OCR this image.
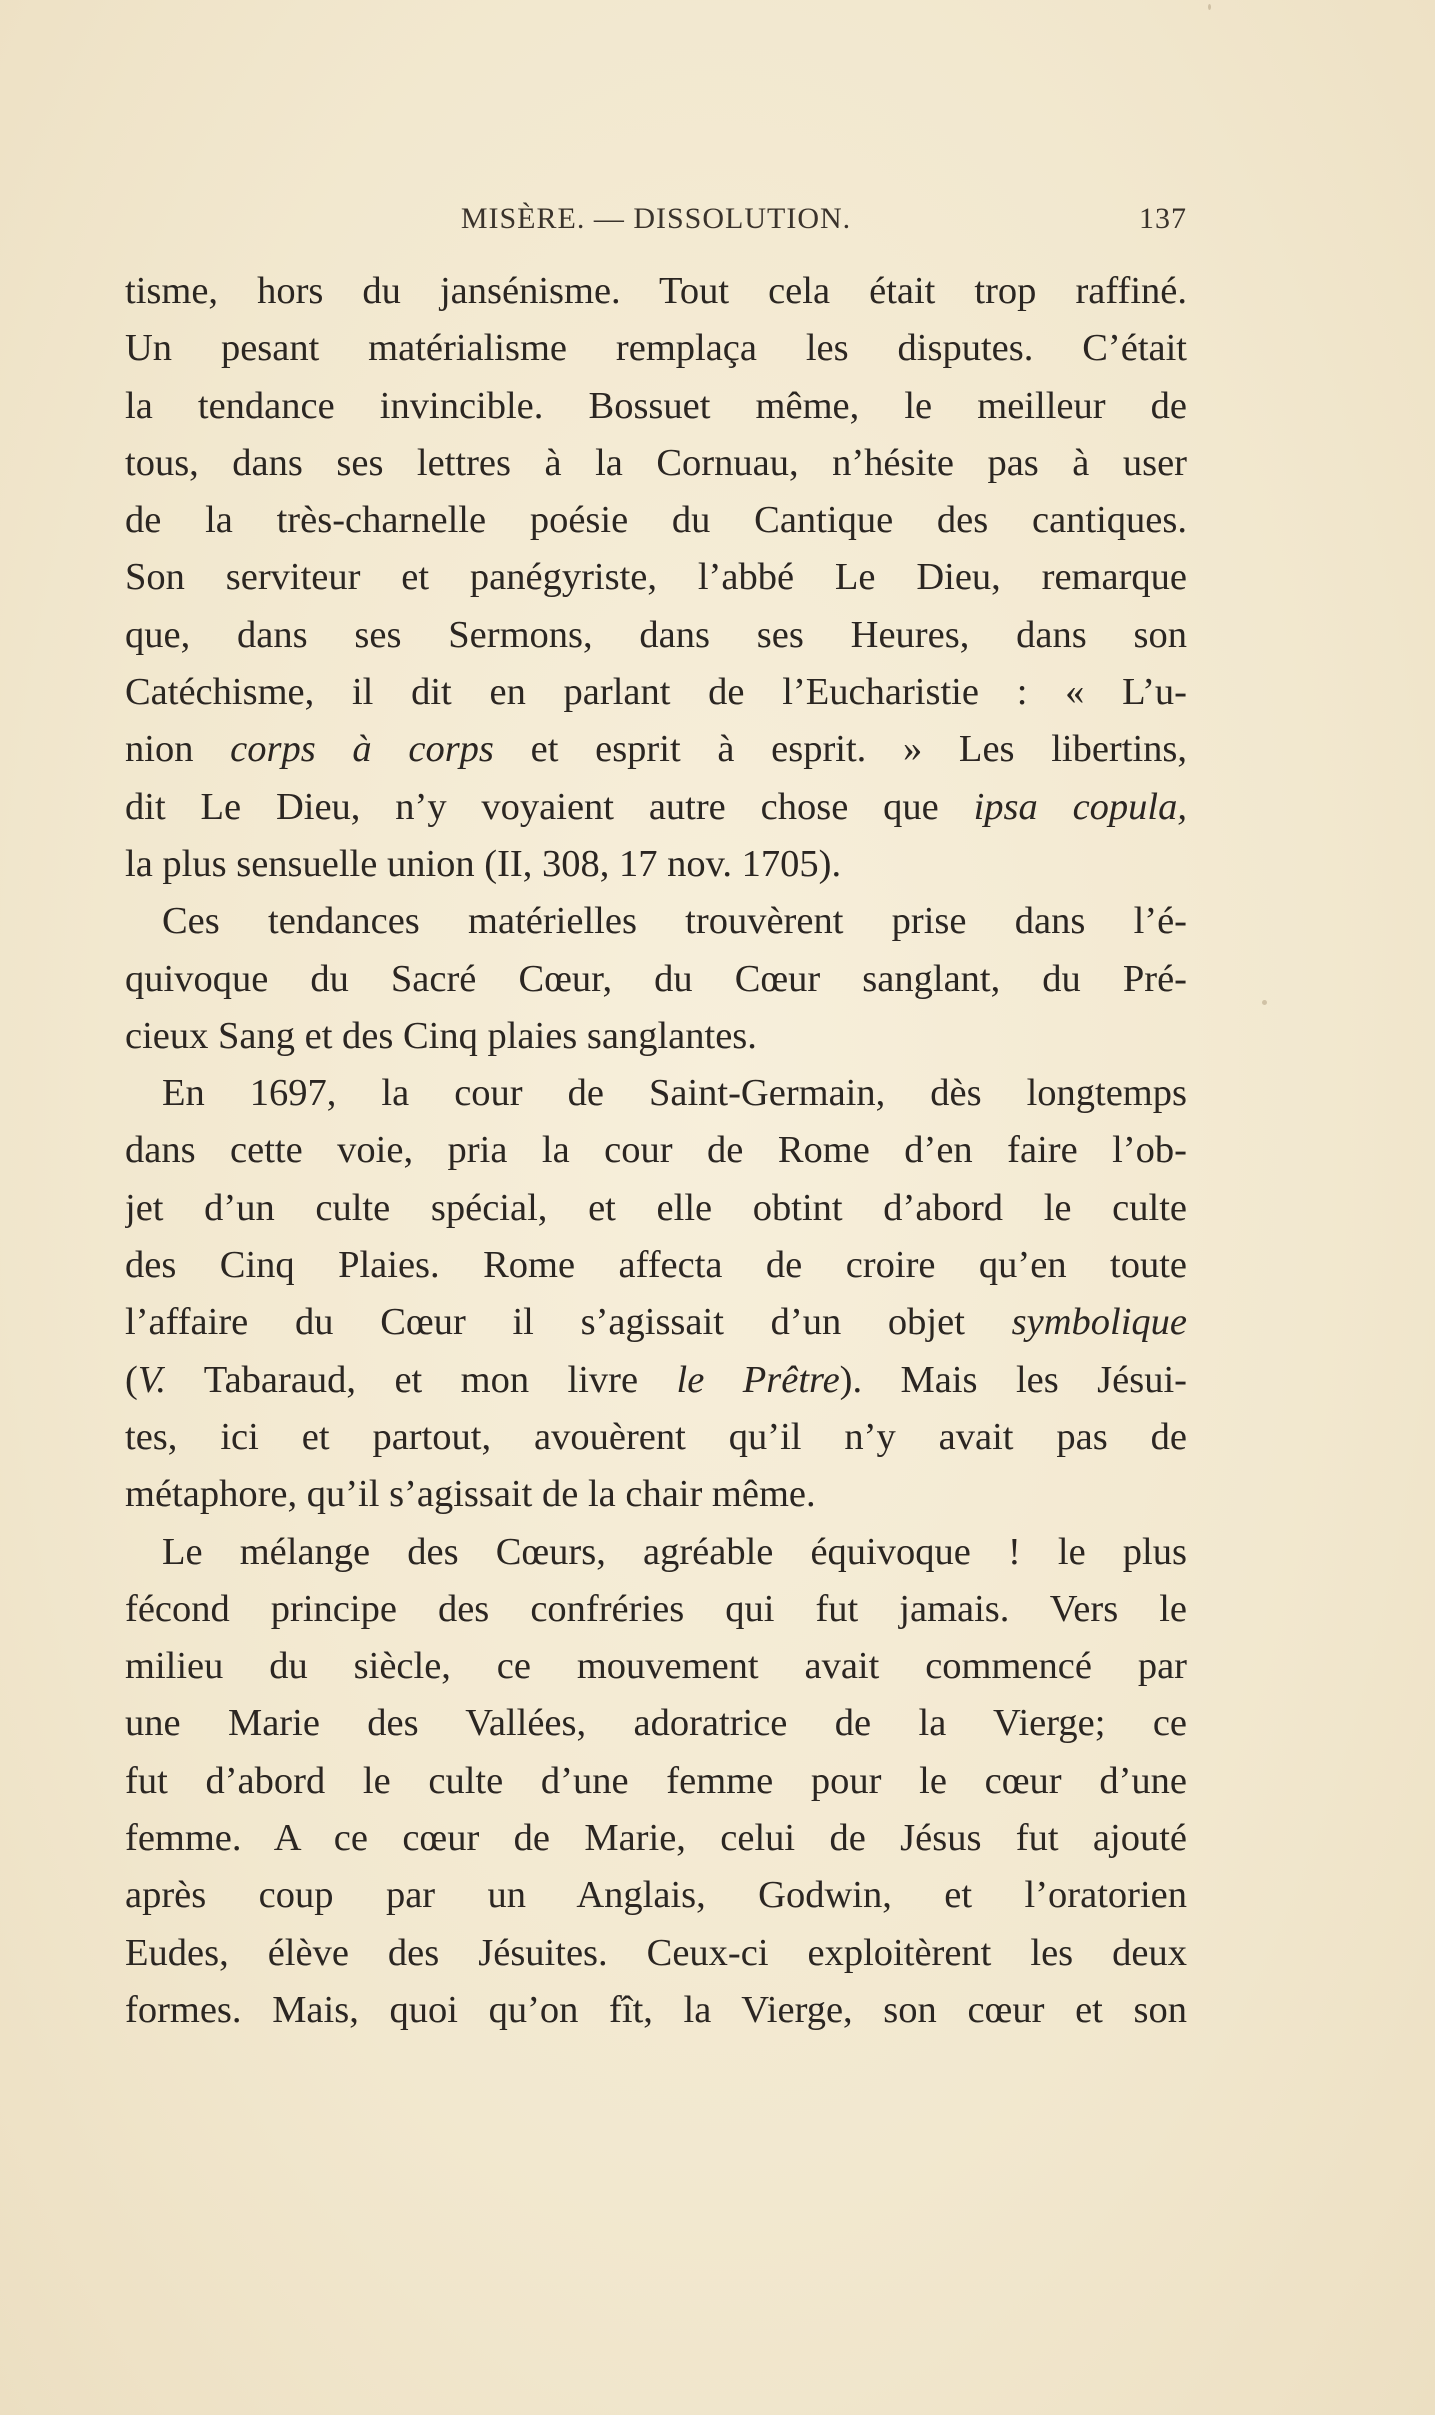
MISÈRE. — DISSOLUTION.	137
tisme, hors du jansénisme. Tout cela était trop raffiné.
Un pesant matérialisme remplaça les disputes. C’était
la tendance invincible. Bossuet même, le meilleur de
tous, dans ses lettres à la Cornuau, n’hésite pas à user
de la très-charnelle poésie du Cantique des cantiques.
Son serviteur et panégyriste, l’abbé Le Dieu, remarque
que, dans ses Sermons, dans ses Heures, dans son
Catéchisme, il dit en parlant de l’Eucharistie : « L’u-
nion corps à corps et esprit à esprit. » Les libertins,
dit Le Dieu, n’y voyaient autre chose que ipsa copula,
la plus sensuelle union (II, 308, 17 nov. 1705).
Ces tendances matérielles trouvèrent prise dans l’é-
quivoque du Sacré Cœur, du Cœur sanglant, du Pré-
cieux Sang et des Cinq plaies sanglantes.
En 1697, la cour de Saint-Germain, dès longtemps
dans cette voie, pria la cour de Rome d’en faire l’ob-
jet d’un culte spécial, et elle obtint d’abord le culte
des Cinq Plaies. Rome affecta de croire qu’en toute
l’affaire du Cœur il s’agissait d’un objet symbolique
(V. Tabaraud, et mon livre le Prêtre). Mais les Jésui-
tes, ici et partout, avouèrent qu’il n’y avait pas de
métaphore, qu’il s’agissait de la chair même.
Le mélange des Cœurs, agréable équivoque ! le plus
fécond principe des confréries qui fut jamais. Vers le
milieu du siècle, ce mouvement avait commencé par
une Marie des Vallées, adoratrice de la Vierge; ce
fut d’abord le culte d’une femme pour le cœur d’une
femme. A ce cœur de Marie, celui de Jésus fut ajouté
après coup par un Anglais, Godwin, et l’oratorien
Eudes, élève des Jésuites. Ceux-ci exploitèrent les deux
formes. Mais, quoi qu’on fît, la Vierge, son cœur et son
